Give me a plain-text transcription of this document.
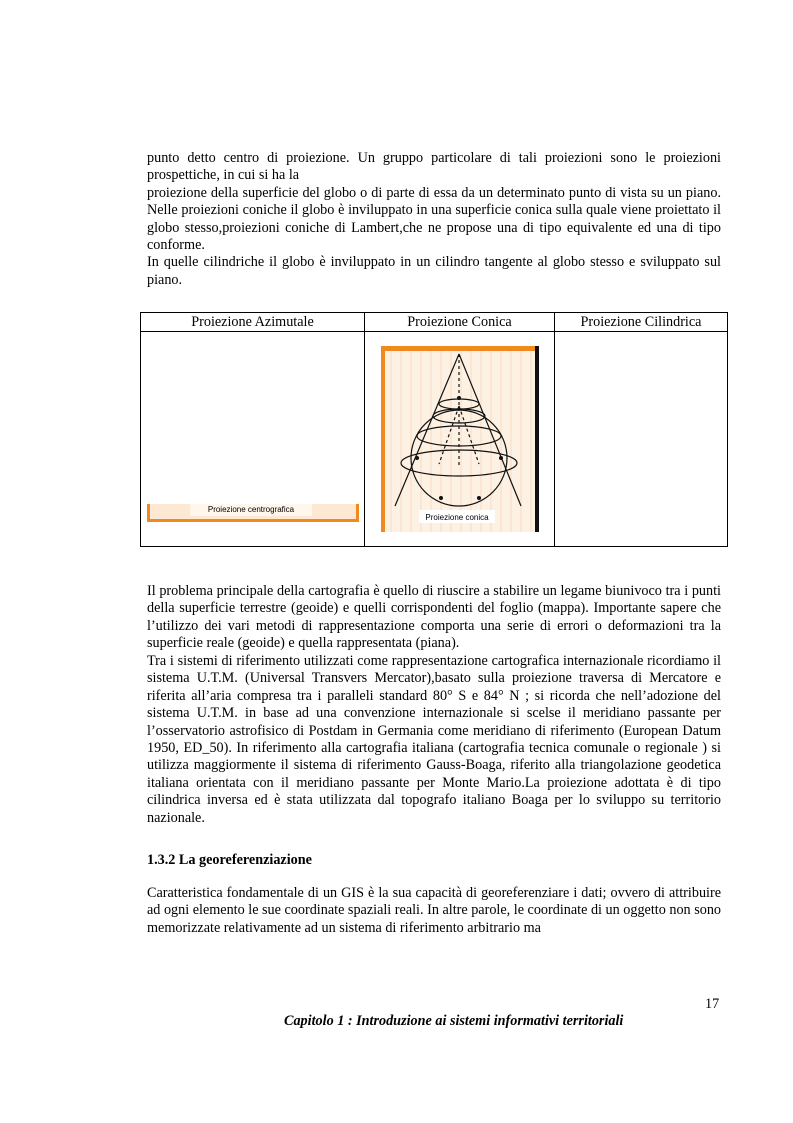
punto detto centro di proiezione. Un gruppo particolare di tali proiezioni sono le proiezioni
prospettiche, in cui si ha la
proiezione della superficie del globo o di parte di essa da un determinato punto di vista su un piano. Nelle proiezioni coniche il globo è inviluppato in una superficie conica sulla quale viene proiettato il globo stesso,proiezioni coniche di Lambert,che ne propose una di tipo equivalente ed una di tipo conforme.
In quelle cilindriche il globo è inviluppato in un cilindro tangente al globo stesso e sviluppato sul piano.
Proiezione Azimutale	Proiezione Conica	Proiezione Cilindrica

Proiezione centrografica	Proiezione conica	

Il problema principale della cartografia è quello di riuscire a stabilire un legame biunivoco tra i punti della superficie terrestre (geoide) e quelli corrispondenti del foglio (mappa). Importante sapere che l’utilizzo dei vari metodi di rappresentazione comporta una serie di errori o deformazioni tra la superficie reale (geoide) e quella rappresentata (piana).
Tra i sistemi di riferimento utilizzati come rappresentazione cartografica internazionale ricordiamo il sistema U.T.M. (Universal Transvers Mercator),basato sulla proiezione traversa di Mercatore e riferita all’aria compresa tra i paralleli standard 80° S e 84° N ; si ricorda che nell’adozione del sistema U.T.M. in base ad una convenzione internazionale si scelse il meridiano passante per l’osservatorio astrofisico di Postdam in Germania come meridiano di riferimento (European Datum 1950, ED_50). In riferimento alla cartografia italiana (cartografia tecnica comunale o regionale ) si utilizza maggiormente il sistema di riferimento Gauss-Boaga, riferito alla triangolazione geodetica italiana orientata con il meridiano passante per Monte Mario.La proiezione adottata è di tipo cilindrica inversa ed è stata utilizzata dal topografo italiano Boaga per lo sviluppo su territorio nazionale.
1.3.2 La georeferenziazione
Caratteristica fondamentale di un GIS è la sua capacità di georeferenziare i dati; ovvero di attribuire ad ogni elemento le sue coordinate spaziali reali. In altre parole, le coordinate di un oggetto non sono memorizzate relativamente ad un sistema di riferimento arbitrario ma
17
Capitolo 1 : Introduzione ai sistemi informativi territoriali
